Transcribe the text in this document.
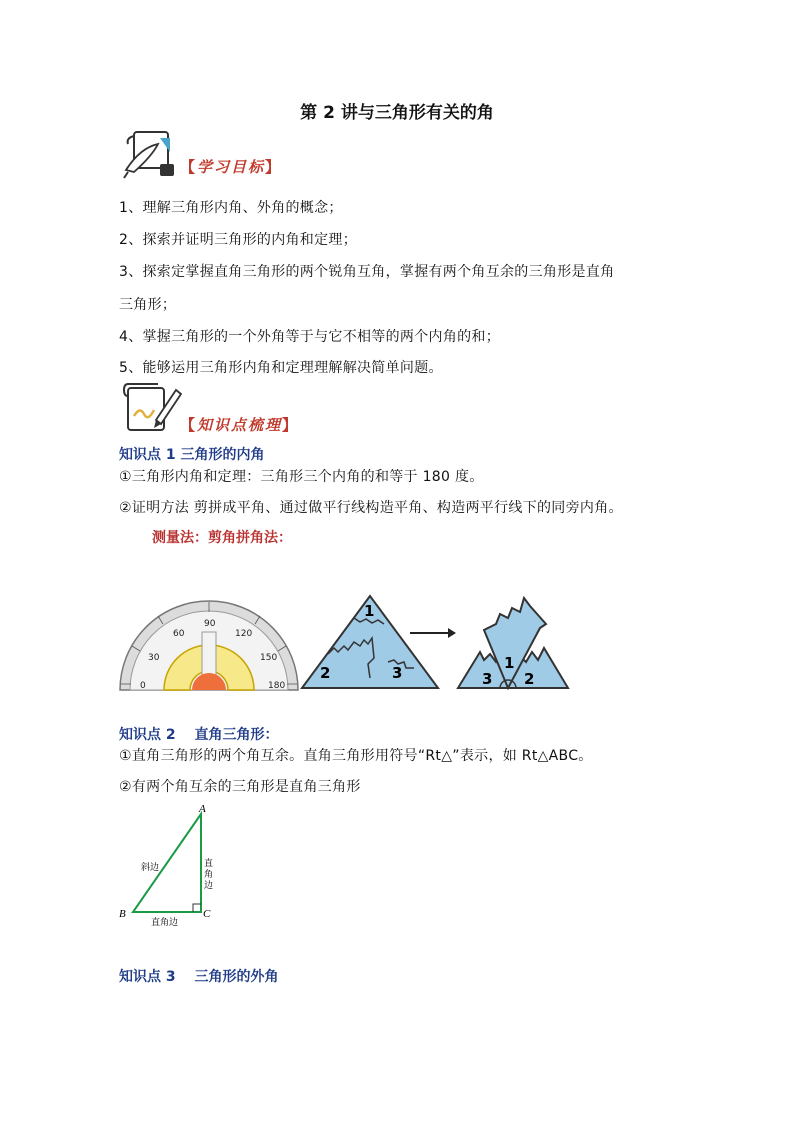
第 2 讲与三角形有关的角
【学习目标】
1、理解三角形内角、外角的概念；
2、探索并证明三角形的内角和定理；
3、探索定掌握直角三角形的两个锐角互角，掌握有两个角互余的三角形是直角
三角形；
4、掌握三角形的一个外角等于与它不相等的两个内角的和；
5、能够运用三角形内角和定理理解解决简单问题。
【知识点梳理】
知识点 1 三角形的内角
①三角形内角和定理：三角形三个内角的和等于 180 度。
②证明方法 剪拼成平角、通过做平行线构造平角、构造两平行线下的同旁内角。
测量法：剪角拼角法：
0
30
60
90
120
150
180
1
2	3
1
2
3
知识点 2　 直角三角形：
①直角三角形的两个角互余。直角三角形用符号“Rt△”表示，如 Rt△ABC。
②有两个角互余的三角形是直角三角形
A
B	C
斜边	直
角
边
直角边
知识点 3　 三角形的外角
